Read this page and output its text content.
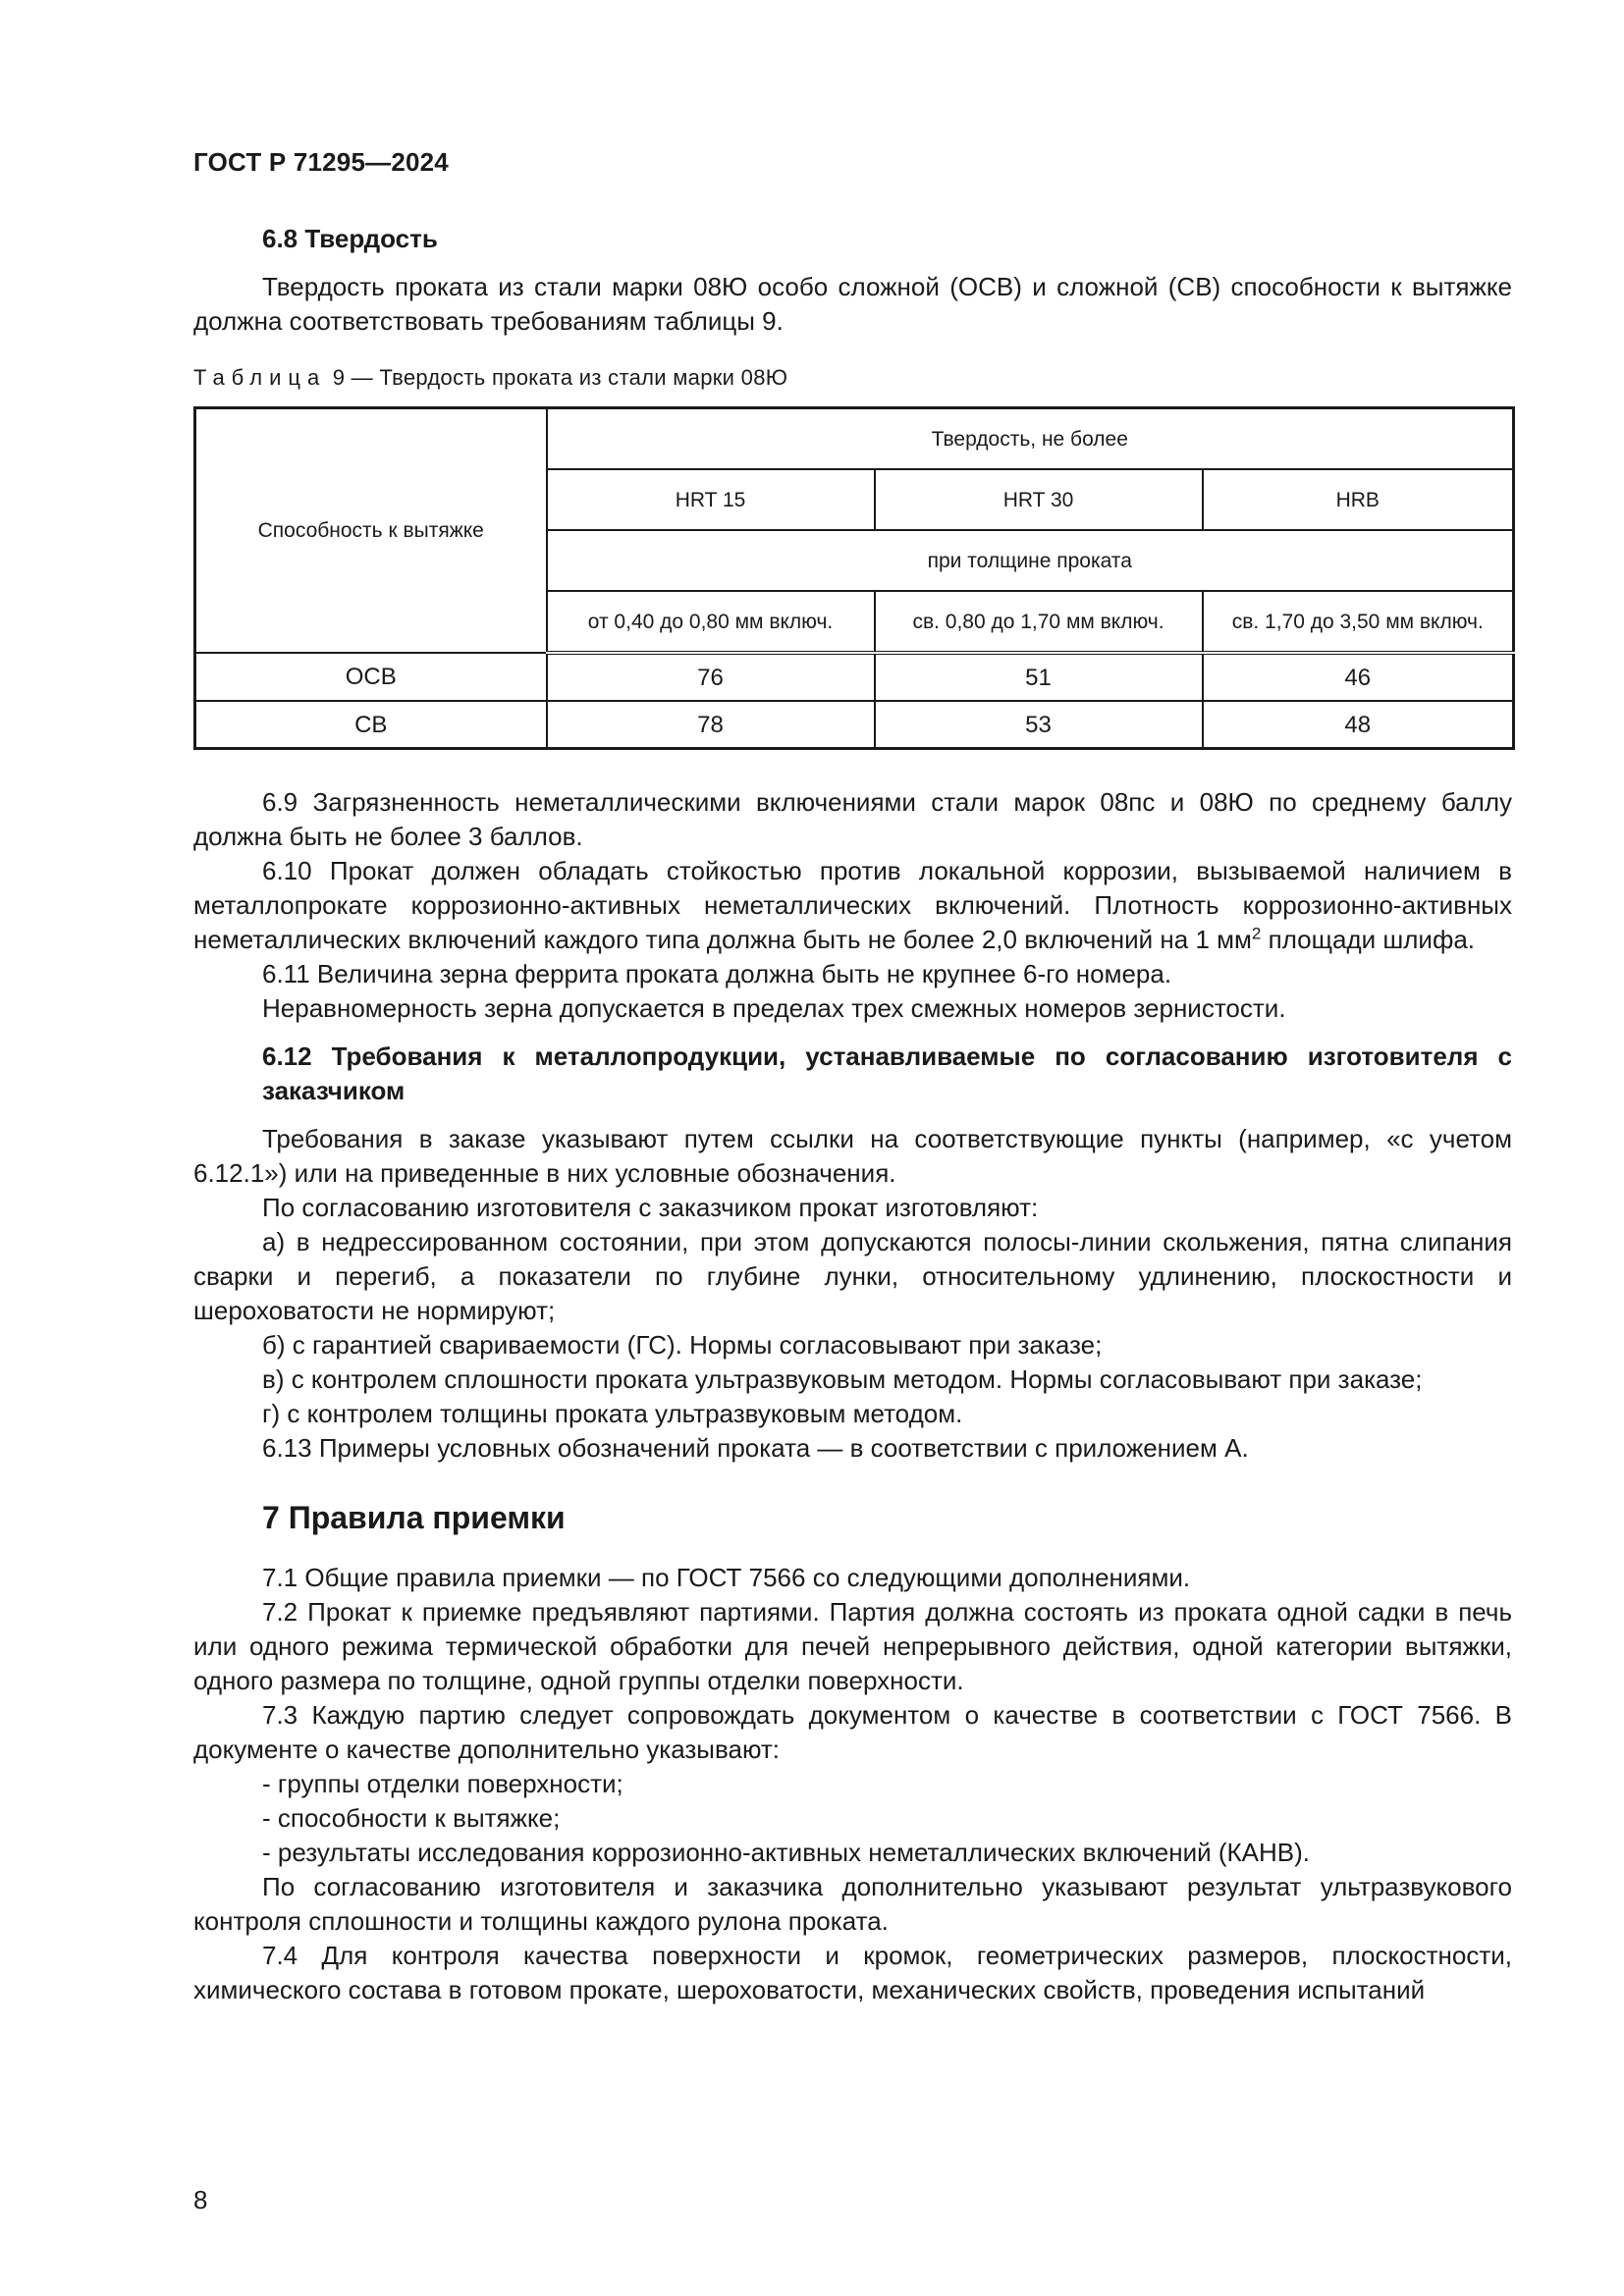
ГОСТ Р 71295—2024

6.8 Твердость

Твердость проката из стали марки 08Ю особо сложной (ОСВ) и сложной (СВ) способности к вытяжке должна соответствовать требованиям таблицы 9.

Таблица 9 — Твердость проката из стали марки 08Ю

Способность к вытяжке	Твердость, не более		
	HRT 15	HRT 30	HRB
	при толщине проката		
	от 0,40 до 0,80 мм включ.	св. 0,80 до 1,70 мм включ.	св. 1,70 до 3,50 мм включ.
ОСВ	76	51	46
СВ	78	53	48

6.9 Загрязненность неметаллическими включениями стали марок 08пс и 08Ю по среднему баллу должна быть не более 3 баллов.

6.10 Прокат должен обладать стойкостью против локальной коррозии, вызываемой наличием в металлопрокате коррозионно-активных неметаллических включений. Плотность коррозионно-активных неметаллических включений каждого типа должна быть не более 2,0 включений на 1 $мм^2$ площади шлифа.

6.11 Величина зерна феррита проката должна быть не крупнее 6-го номера.

Неравномерность зерна допускается в пределах трех смежных номеров зернистости.

6.12 Требования к металлопродукции, устанавливаемые по согласованию изготовителя с заказчиком

Требования в заказе указывают путем ссылки на соответствующие пункты (например, «с учетом 6.12.1») или на приведенные в них условные обозначения.

По согласованию изготовителя с заказчиком прокат изготовляют:

а) в недрессированном состоянии, при этом допускаются полосы-линии скольжения, пятна слипания сварки и перегиб, а показатели по глубине лунки, относительному удлинению, плоскостности и шероховатости не нормируют;

б) с гарантией свариваемости (ГС). Нормы согласовывают при заказе;

в) с контролем сплошности проката ультразвуковым методом. Нормы согласовывают при заказе;

г) с контролем толщины проката ультразвуковым методом.

6.13 Примеры условных обозначений проката — в соответствии с приложением А.

7 Правила приемки

7.1 Общие правила приемки — по ГОСТ 7566 со следующими дополнениями.

7.2 Прокат к приемке предъявляют партиями. Партия должна состоять из проката одной садки в печь или одного режима термической обработки для печей непрерывного действия, одной категории вытяжки, одного размера по толщине, одной группы отделки поверхности.

7.3 Каждую партию следует сопровождать документом о качестве в соответствии с ГОСТ 7566. В документе о качестве дополнительно указывают:

- группы отделки поверхности;

- способности к вытяжке;

- результаты исследования коррозионно-активных неметаллических включений (КАНВ).

По согласованию изготовителя и заказчика дополнительно указывают результат ультразвукового контроля сплошности и толщины каждого рулона проката.

7.4 Для контроля качества поверхности и кромок, геометрических размеров, плоскостности, химического состава в готовом прокате, шероховатости, механических свойств, проведения испытаний

8
